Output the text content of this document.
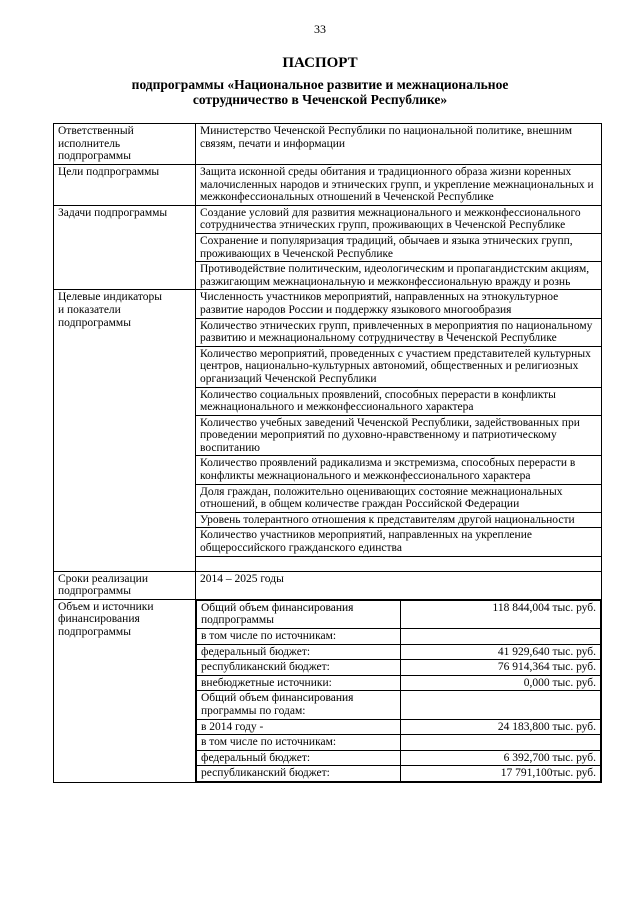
33
ПАСПОРТ
подпрограммы «Национальное развитие и межнациональное
сотрудничество в Чеченской Республике»
Ответственный
исполнитель
подпрограммы
	Министерство Чеченской Республики по национальной политике, внешним связям, печати и информации

Цели подпрограммы	Защита исконной среды обитания и традиционного образа жизни коренных малочисленных народов и этнических групп, и укрепление межнациональных и межконфессиональных отношений в Чеченской Республике

Задачи подпрограммы	Создание условий для развития межнационального и межконфессионального сотрудничества этнических групп, проживающих в Чеченской Республике
Сохранение и популяризация традиций, обычаев и языка этнических групп, проживающих в Чеченской Республике
Противодействие политическим, идеологическим и пропагандистским акциям, разжигающим межнациональную и межконфессиональную вражду и рознь

Целевые индикаторы
и показатели
подпрограммы
	Численность участников мероприятий, направленных на этнокультурное развитие народов России и поддержку языкового многообразия
Количество этнических групп, привлеченных в мероприятия по национальному развитию и межнациональному сотрудничеству в Чеченской Республике
Количество мероприятий, проведенных с участием представителей культурных центров, национально-культурных автономий, общественных и религиозных организаций Чеченской Республики
Количество социальных проявлений, способных перерасти в конфликты межнационального и межконфессионального характера
Количество учебных заведений Чеченской Республики, задействованных при проведении мероприятий по духовно-нравственному и патриотическому воспитанию
Количество проявлений радикализма и экстремизма, способных перерасти в конфликты межнационального и межконфессионального характера
Доля граждан, положительно оценивающих состояние межнациональных отношений, в общем количестве граждан Российской Федерации
Уровень толерантного отношения к представителям другой национальности
Количество участников мероприятий, направленных на укрепление общероссийского гражданского единства

Сроки реализации
подпрограммы
	2014 – 2025 годы

Объем и источники
финансирования
подпрограммы

Общий объем финансирования подпрограммы	118 844,004 тыс. руб.
в том числе по источникам:	
федеральный бюджет:	41 929,640 тыс. руб.
республиканский бюджет:	76 914,364 тыс. руб.
внебюджетные источники:	0,000 тыс. руб.
Общий объем финансирования программы по годам:	
в 2014 году -	24 183,800 тыс. руб.
в том числе по источникам:	
федеральный бюджет:	6 392,700 тыс. руб.
республиканский бюджет:	17 791,100тыс. руб.
